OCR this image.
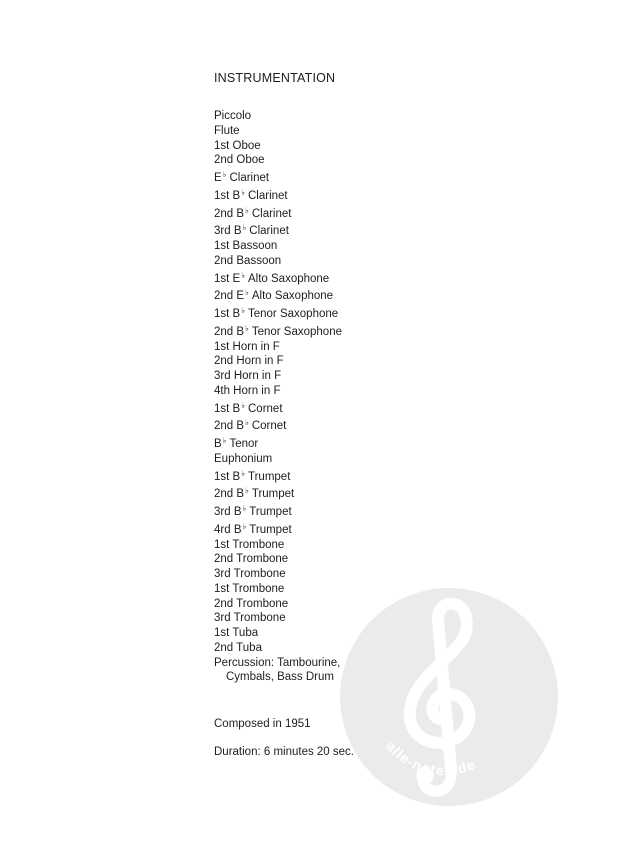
alle-noten.de
INSTRUMENTATION
Piccolo
Flute
1st Oboe
2nd Oboe
E♭ Clarinet
1st B♭ Clarinet
2nd B♭ Clarinet
3rd B♭ Clarinet
1st Bassoon
2nd Bassoon
1st E♭ Alto Saxophone
2nd E♭ Alto Saxophone
1st B♭ Tenor Saxophone
2nd B♭ Tenor Saxophone
1st Horn in F
2nd Horn in F
3rd Horn in F
4th Horn in F
1st B♭ Cornet
2nd B♭ Cornet
B♭ Tenor
Euphonium
1st B♭ Trumpet
2nd B♭ Trumpet
3rd B♭ Trumpet
4rd B♭ Trumpet
1st Trombone
2nd Trombone
3rd Trombone
1st Trombone
2nd Trombone
3rd Trombone
1st Tuba
2nd Tuba
Percussion: Tambourine,
Cymbals, Bass Drum
Composed in 1951
Duration: 6 minutes 20 sec.
